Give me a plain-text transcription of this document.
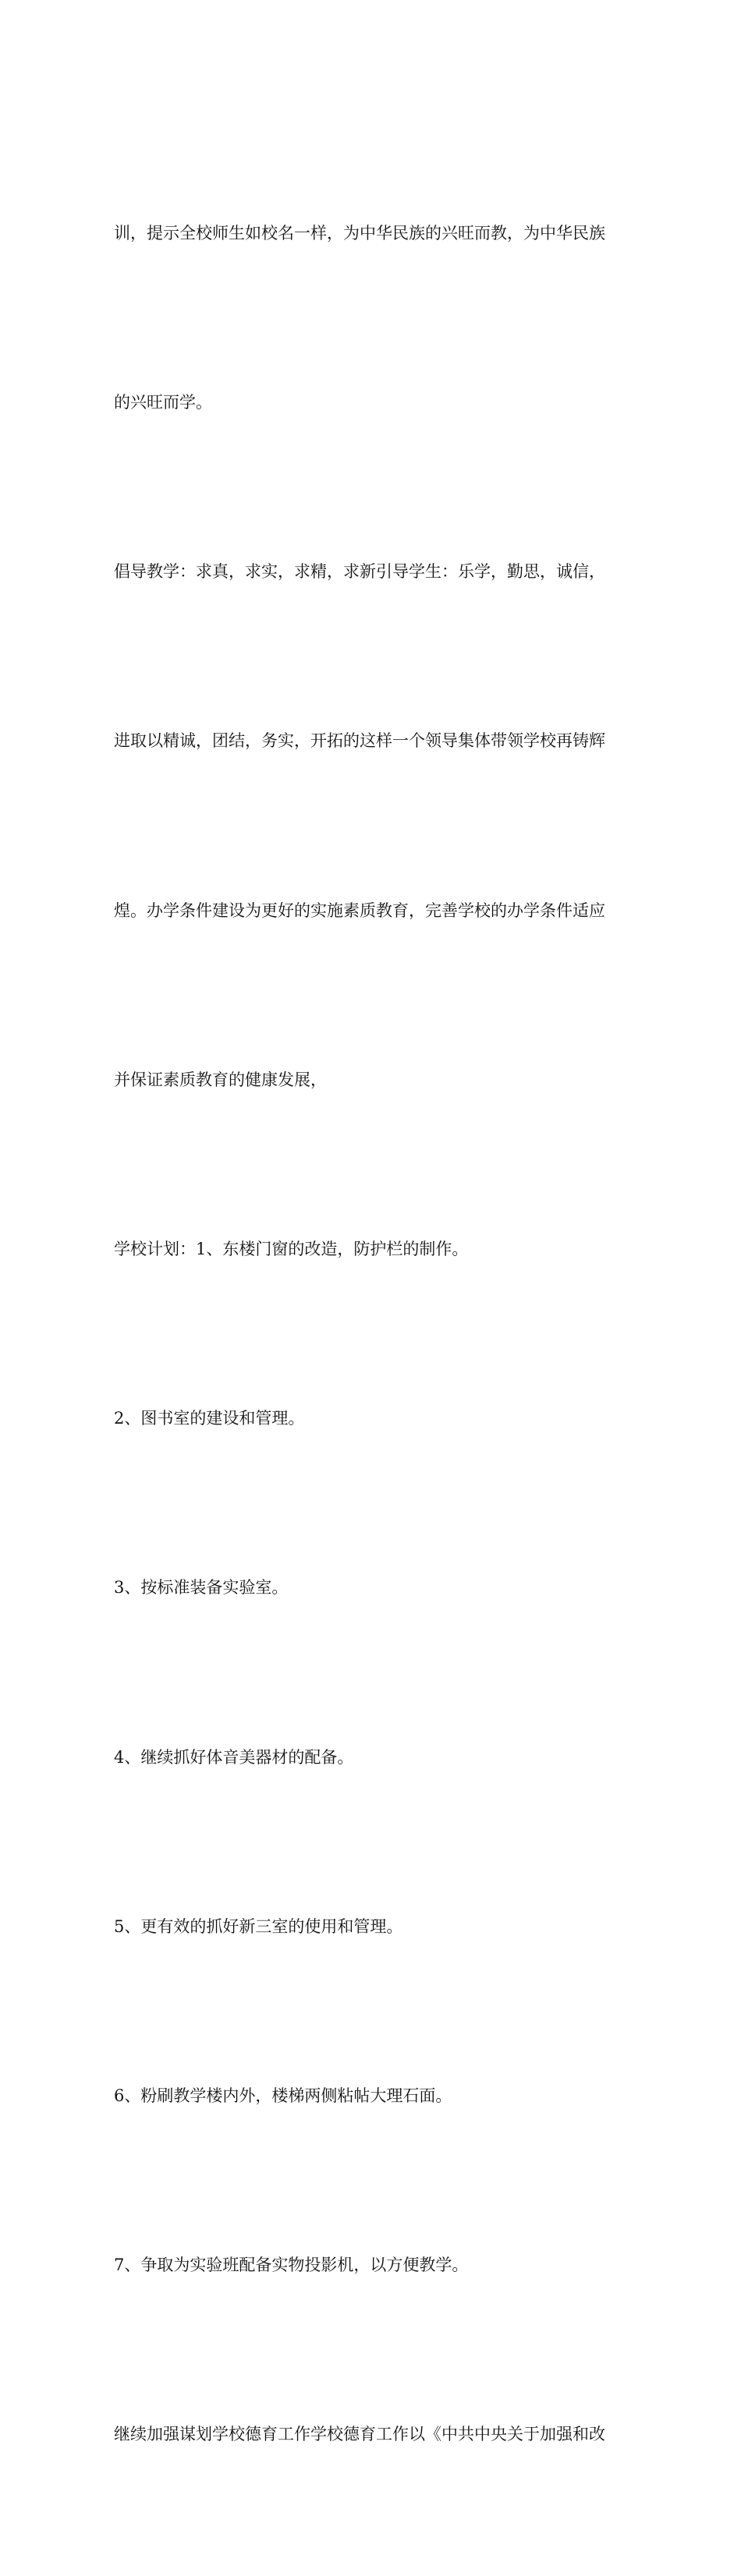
训，提示全校师生如校名一样，为中华民族的兴旺而教，为中华民族

的兴旺而学。

倡导教学：求真，求实，求精，求新引导学生：乐学，勤思，诚信，

进取以精诚，团结，务实，开拓的这样一个领导集体带领学校再铸辉

煌。办学条件建设为更好的实施素质教育，完善学校的办学条件适应

并保证素质教育的健康发展，

学校计划：1、东楼门窗的改造，防护栏的制作。

2、图书室的建设和管理。

3、按标准装备实验室。

4、继续抓好体音美器材的配备。

5、更有效的抓好新三室的使用和管理。

6、粉刷教学楼内外，楼梯两侧粘帖大理石面。

7、争取为实验班配备实物投影机，以方便教学。

继续加强谋划学校德育工作学校德育工作以《中共中央关于加强和改
